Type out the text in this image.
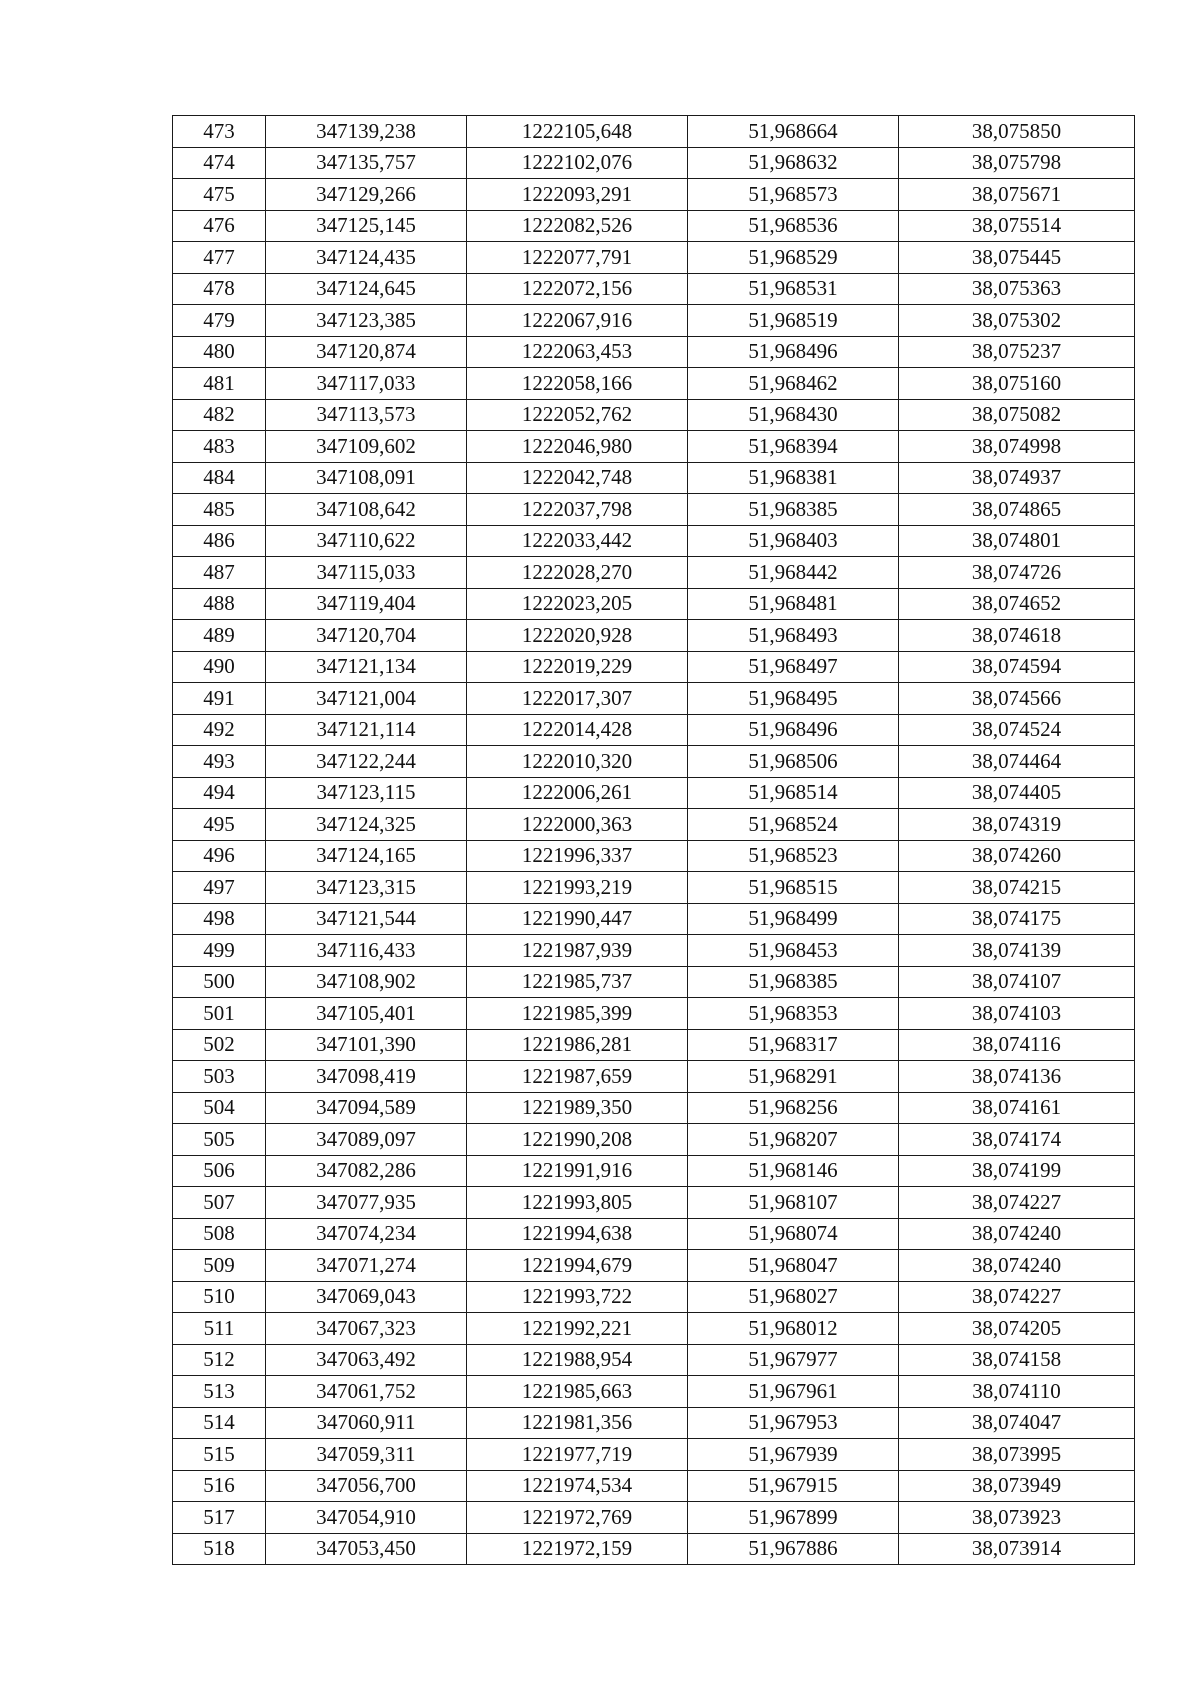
473	347139,238	1222105,648	51,968664	38,075850
474	347135,757	1222102,076	51,968632	38,075798
475	347129,266	1222093,291	51,968573	38,075671
476	347125,145	1222082,526	51,968536	38,075514
477	347124,435	1222077,791	51,968529	38,075445
478	347124,645	1222072,156	51,968531	38,075363
479	347123,385	1222067,916	51,968519	38,075302
480	347120,874	1222063,453	51,968496	38,075237
481	347117,033	1222058,166	51,968462	38,075160
482	347113,573	1222052,762	51,968430	38,075082
483	347109,602	1222046,980	51,968394	38,074998
484	347108,091	1222042,748	51,968381	38,074937
485	347108,642	1222037,798	51,968385	38,074865
486	347110,622	1222033,442	51,968403	38,074801
487	347115,033	1222028,270	51,968442	38,074726
488	347119,404	1222023,205	51,968481	38,074652
489	347120,704	1222020,928	51,968493	38,074618
490	347121,134	1222019,229	51,968497	38,074594
491	347121,004	1222017,307	51,968495	38,074566
492	347121,114	1222014,428	51,968496	38,074524
493	347122,244	1222010,320	51,968506	38,074464
494	347123,115	1222006,261	51,968514	38,074405
495	347124,325	1222000,363	51,968524	38,074319
496	347124,165	1221996,337	51,968523	38,074260
497	347123,315	1221993,219	51,968515	38,074215
498	347121,544	1221990,447	51,968499	38,074175
499	347116,433	1221987,939	51,968453	38,074139
500	347108,902	1221985,737	51,968385	38,074107
501	347105,401	1221985,399	51,968353	38,074103
502	347101,390	1221986,281	51,968317	38,074116
503	347098,419	1221987,659	51,968291	38,074136
504	347094,589	1221989,350	51,968256	38,074161
505	347089,097	1221990,208	51,968207	38,074174
506	347082,286	1221991,916	51,968146	38,074199
507	347077,935	1221993,805	51,968107	38,074227
508	347074,234	1221994,638	51,968074	38,074240
509	347071,274	1221994,679	51,968047	38,074240
510	347069,043	1221993,722	51,968027	38,074227
511	347067,323	1221992,221	51,968012	38,074205
512	347063,492	1221988,954	51,967977	38,074158
513	347061,752	1221985,663	51,967961	38,074110
514	347060,911	1221981,356	51,967953	38,074047
515	347059,311	1221977,719	51,967939	38,073995
516	347056,700	1221974,534	51,967915	38,073949
517	347054,910	1221972,769	51,967899	38,073923
518	347053,450	1221972,159	51,967886	38,073914
